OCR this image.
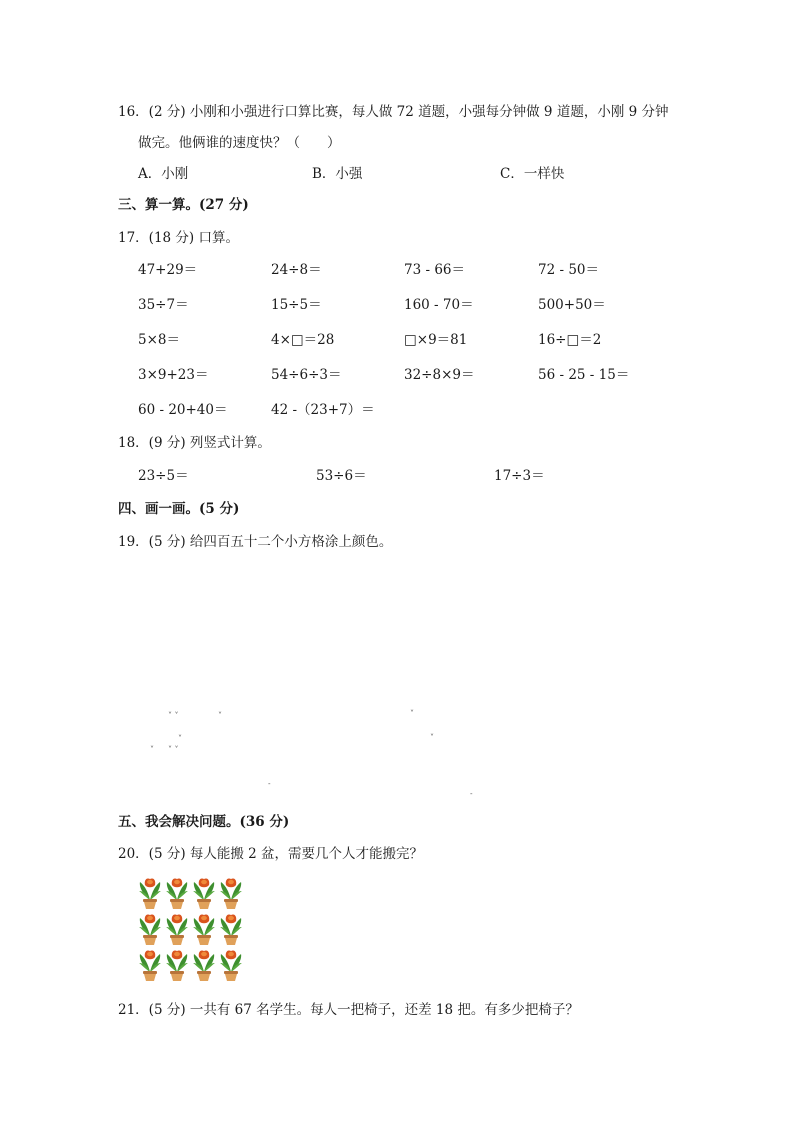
16．(2 分) 小刚和小强进行口算比赛，每人做 72 道题，小强每分钟做 9 道题，小刚 9 分钟
做完。他俩谁的速度快？（　　）
A．小刚	B．小强	C．一样快
三、算一算。(27 分)
17．(18 分) 口算。
47+29＝	24÷8＝	73 - 66＝	72 - 50＝
35÷7＝	15÷5＝	160 - 70＝	500+50＝
5×8＝	4×□＝28	□×9＝81	16÷□＝2
3×9+23＝	54÷6÷3＝	32÷8×9＝	56 - 25 - 15＝
60 - 20+40＝	42 -（23+7）＝
18．(9 分) 列竖式计算。
23÷5＝	53÷6＝	17÷3＝
四、画一画。(5 分)
19．(5 分) 给四百五十二个小方格涂上颜色。
˅ ˅	˅	˅
˅	˅
˅ ˅ ˅
˗
˗
五、我会解决问题。(36 分)
20．(5 分) 每人能搬 2 盆，需要几个人才能搬完？
21．(5 分) 一共有 67 名学生。每人一把椅子，还差 18 把。有多少把椅子？
